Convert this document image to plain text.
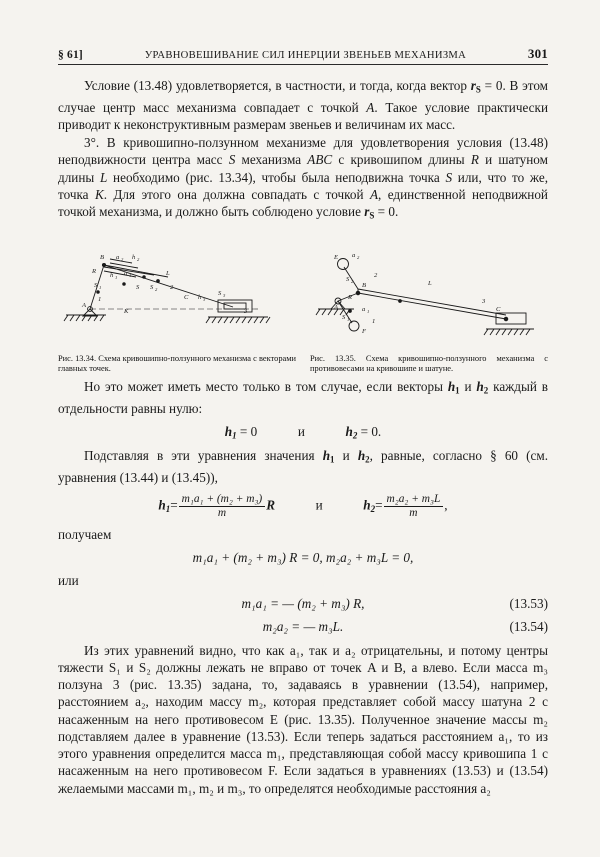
§ 61]	УРАВНОВЕШИВАНИЕ СИЛ ИНЕРЦИИ ЗВЕНЬЕВ МЕХАНИЗМА	301

Условие (13.48) удовлетворяется, в частности, и тогда, когда вектор $r_S = 0$. В этом случае центр масс механизма совпадает с точкой A. Такое условие практически приводит к неконструктивным размерам звеньев и величинам их масс.

3°. В кривошипно-ползунном механизме для удовлетворения условия (13.48) неподвижности центра масс S механизма ABC с кривошипом длины R и шатуном длины L необходимо (рис. 13.34), чтобы была неподвижна точка S или, что то же, точка K. Для этого она должна совпадать с точкой A, единственной неподвижной точкой механизма, и должно быть соблюдено условие $r_S = 0$.

B a 2 h 2
R
h 1
a 1	L
S 2
S
S 1
A
K
C h 3
S 3
3
2
1
Рис. 13.34. Схема кривошипно-ползунного механизма с векторами главных точек.
E a 2
S 2
B
2
L
R
A	a 1
S 1
F
1
C
3
Рис. 13.35. Схема кривошипно-ползунного механизма с противовесами на кривошипе и шатуне.

Но это может иметь место только в том случае, если векторы $h_1$ и $h_2$ каждый в отдельности равны нулю:

$h_1 = 0$	и	$h_2 = 0$.

Подставляя в эти уравнения значения $h_1$ и $h_2$, равные, согласно § 60 (см. уравнения (13.44) и (13.45)),

$h_1= \frac{\text{m₁a₁ + (m₂ + m₃)}}{m}$ R	и	$h_2= \frac{\text{m₂a₂ + m₃L}}{m}$ ,
получаем
m₁a₁ + (m₂ + m₃) R = 0, m₂a₂ + m₃L = 0,
или
m₁a₁ = — (m₂ + m₃) R,	(13.53)
m₂a₂ = — m₃L.	(13.54)

Из этих уравнений видно, что как a₁, так и a₂ отрицательны, и потому центры тяжести S₁ и S₂ должны лежать не вправо от точек A и B, а влево. Если масса m₃ ползуна 3 (рис. 13.35) задана, то, задаваясь в уравнении (13.54), например, расстоянием a₂, находим массу m₂, которая представляет собой массу шатуна 2 с насаженным на него противовесом E (рис. 13.35). Полученное значение массы m₂ подставляем далее в уравнение (13.53). Если теперь задаться расстоянием a₁, то из этого уравнения определится масса m₁, представляющая собой массу кривошипа 1 с насаженным на него противовесом F. Если задаться в уравнениях (13.53) и (13.54) желаемыми массами m₁, m₂ и m₃, то определятся необходимые расстояния a₂
